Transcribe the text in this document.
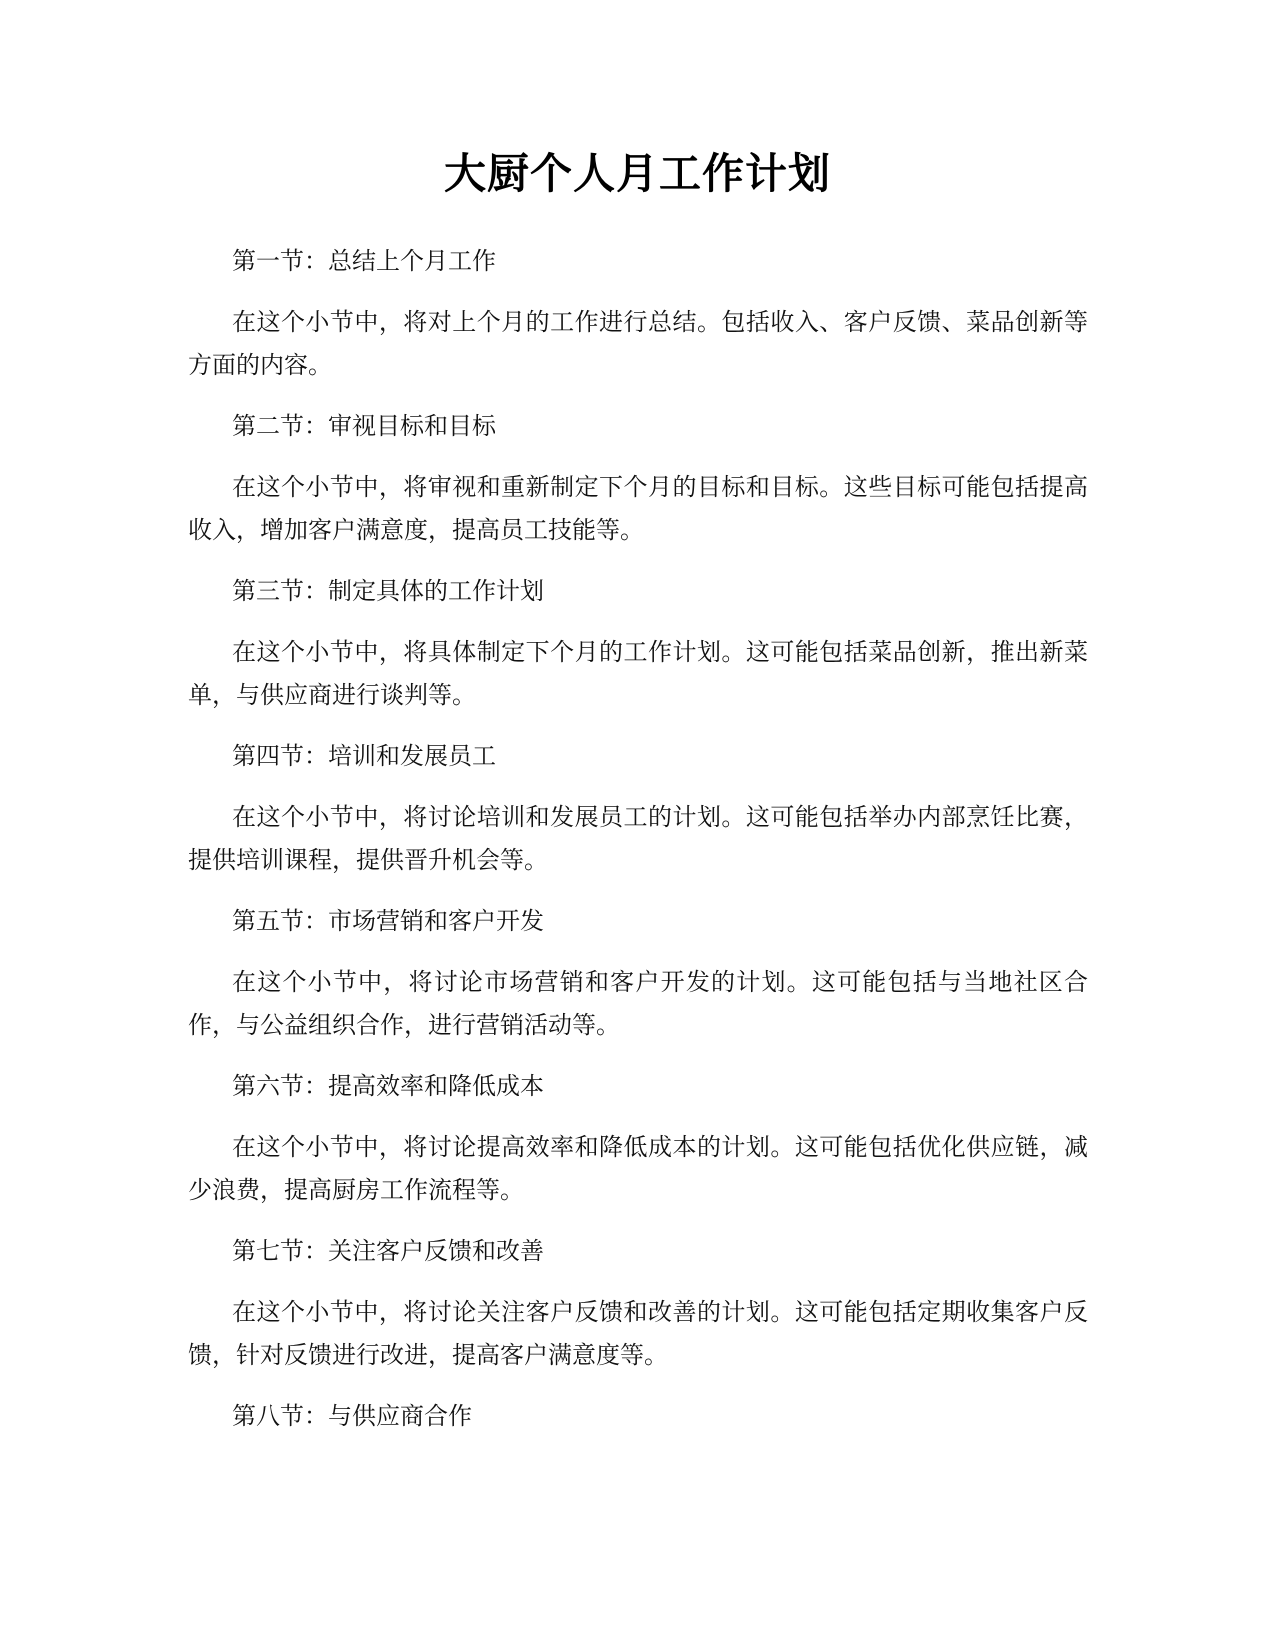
大厨个人月工作计划

第一节：总结上个月工作

在这个小节中，将对上个月的工作进行总结。包括收入、客户反馈、菜品创新等方面的内容。

第二节：审视目标和目标

在这个小节中，将审视和重新制定下个月的目标和目标。这些目标可能包括提高收入，增加客户满意度，提高员工技能等。

第三节：制定具体的工作计划

在这个小节中，将具体制定下个月的工作计划。这可能包括菜品创新，推出新菜单，与供应商进行谈判等。

第四节：培训和发展员工

在这个小节中，将讨论培训和发展员工的计划。这可能包括举办内部烹饪比赛，提供培训课程，提供晋升机会等。

第五节：市场营销和客户开发

在这个小节中，将讨论市场营销和客户开发的计划。这可能包括与当地社区合作，与公益组织合作，进行营销活动等。

第六节：提高效率和降低成本

在这个小节中，将讨论提高效率和降低成本的计划。这可能包括优化供应链，减少浪费，提高厨房工作流程等。

第七节：关注客户反馈和改善

在这个小节中，将讨论关注客户反馈和改善的计划。这可能包括定期收集客户反馈，针对反馈进行改进，提高客户满意度等。

第八节：与供应商合作
